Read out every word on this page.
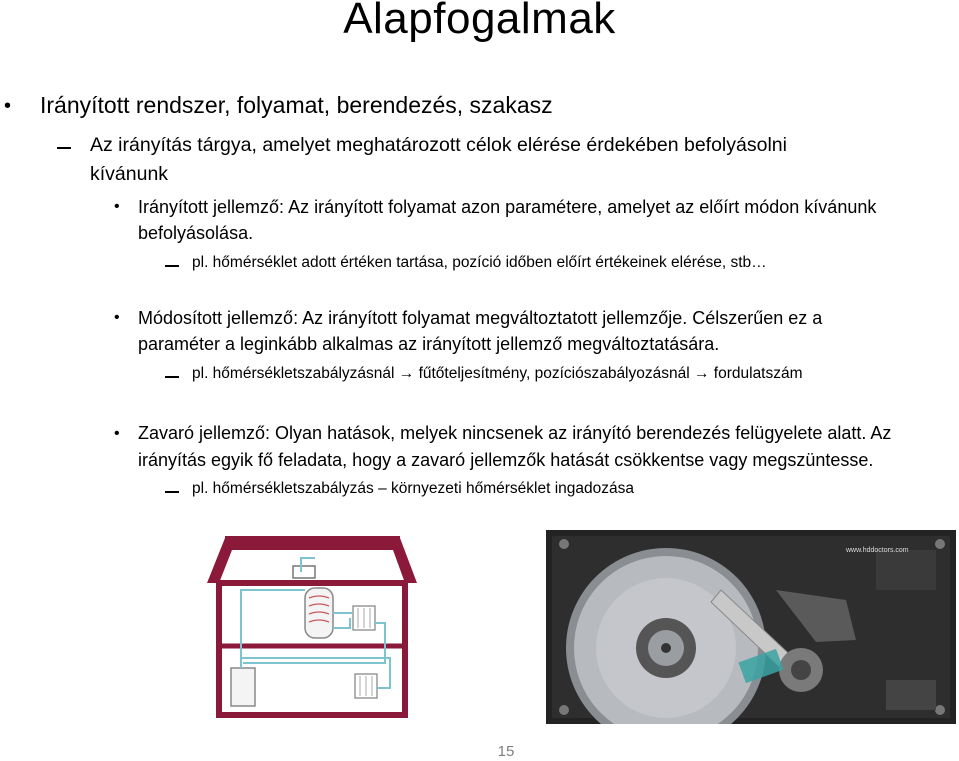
Alapfogalmak
• Irányított rendszer, folyamat, berendezés, szakasz
Az irányítás tárgya, amelyet meghatározott célok elérése érdekében befolyásolni
kívánunk
• Irányított jellemző: Az irányított folyamat azon paramétere, amelyet az előírt módon kívánunk
befolyásolása.
pl. hőmérséklet adott értéken tartása, pozíció időben előírt értékeinek elérése, stb…
• Módosított jellemző: Az irányított folyamat megváltoztatott jellemzője. Célszerűen ez a
paraméter a leginkább alkalmas az irányított jellemző megváltoztatására.
pl. hőmérsékletszabályzásnál → fűtőteljesítmény, pozíciószabályozásnál → fordulatszám
• Zavaró jellemző: Olyan hatások, melyek nincsenek az irányító berendezés felügyelete alatt. Az
irányítás egyik fő feladata, hogy a zavaró jellemzők hatását csökkentse vagy megszüntesse.
pl. hőmérsékletszabályzás – környezeti hőmérséklet ingadozása
www.hddoctors.com
15
